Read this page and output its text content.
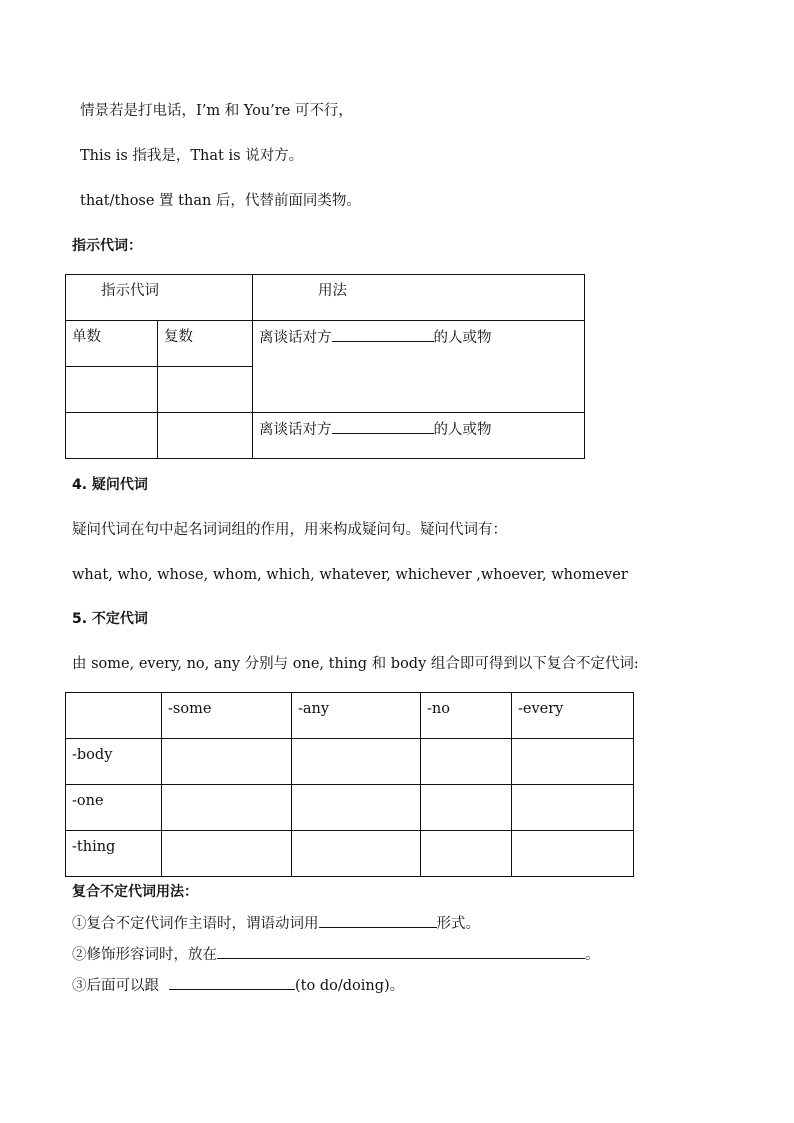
情景若是打电话，I’m 和 You’re 可不行，
This is 指我是，That is 说对方。
that/those 置 than 后，代替前面同类物。
指示代词：
指示代词		用法
单数	复数	离谈话对方 的人或物

		离谈话对方 的人或物
4. 疑问代词
疑问代词在句中起名词词组的作用，用来构成疑问句。疑问代词有：
what, who, whose, whom, which, whatever, whichever ,whoever, whomever
5. 不定代词
由 some, every, no, any 分别与 one, thing 和 body 组合即可得到以下复合不定代词:
	-some	-any	-no	-every
-body				
-one				
-thing				
复合不定代词用法：
①复合不定代词作主语时，谓语动词用	形式。
②修饰形容词时，放在	。
③后面可以跟	(to do/doing)。
